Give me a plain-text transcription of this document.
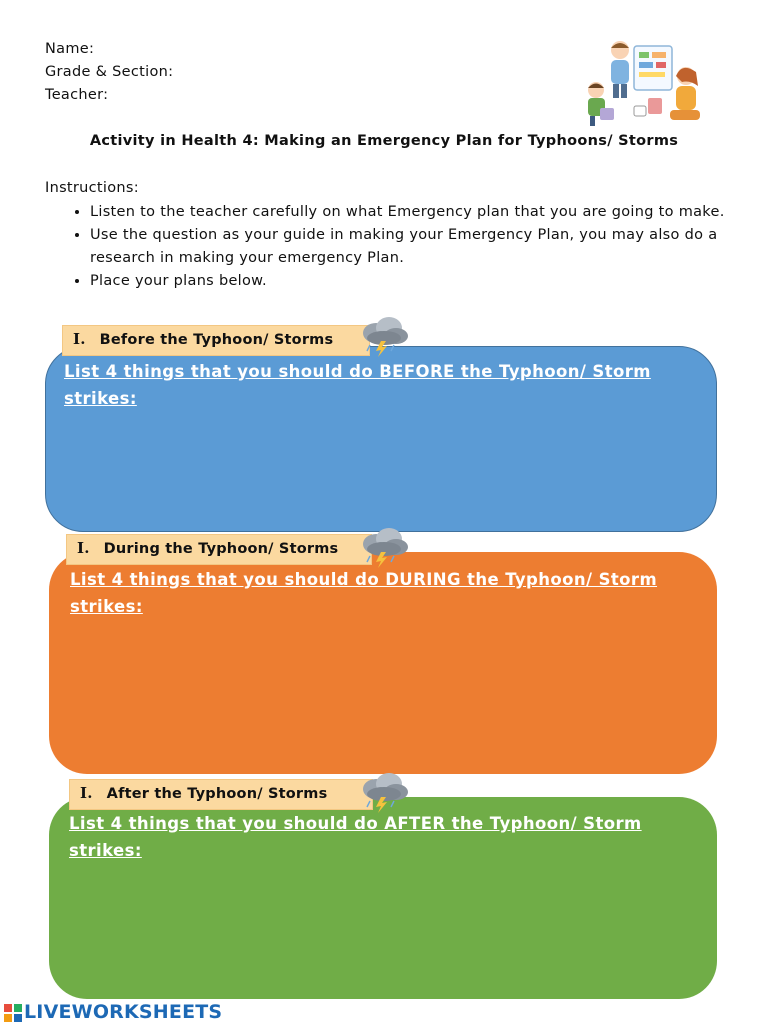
Name:
Grade & Section:
Teacher:
Activity in Health 4: Making an Emergency Plan for Typhoons/ Storms
Instructions:
• Listen to the teacher carefully on what Emergency plan that you are going to make.
• Use the question as your guide in making your Emergency Plan, you may also do a research in making your emergency Plan.
• Place your plans below.
List 4 things that you should do BEFORE the Typhoon/ Storm
strikes:
I. Before the Typhoon/ Storms
List 4 things that you should do DURING the Typhoon/ Storm
strikes:
I. During the Typhoon/ Storms
List 4 things that you should do AFTER the Typhoon/ Storm
strikes:
I. After the Typhoon/ Storms
LIVEWORKSHEETS
